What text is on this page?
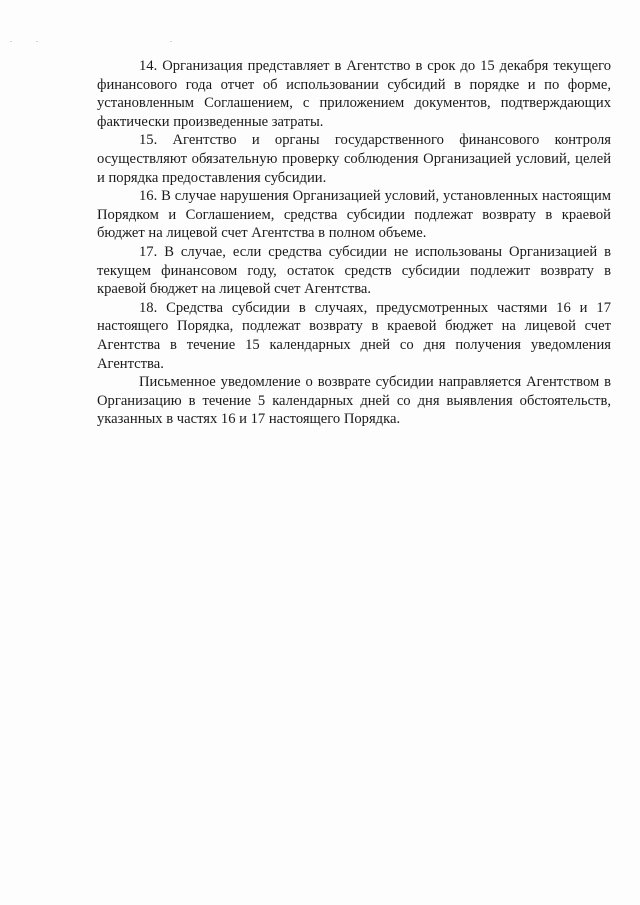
.	.	.

14. Организация представляет в Агентство в срок до 15 декабря текущего финансового года отчет об использовании субсидий в порядке и по форме, установленным Соглашением, с приложением документов, подтверждающих фактически произведенные затраты.

15. Агентство и органы государственного финансового контроля осуществляют обязательную проверку соблюдения Организацией условий, целей и порядка предоставления субсидии.

16. В случае нарушения Организацией условий, установленных настоящим Порядком и Соглашением, средства субсидии подлежат возврату в краевой бюджет на лицевой счет Агентства в полном объеме.

17. В случае, если средства субсидии не использованы Организацией в текущем финансовом году, остаток средств субсидии подлежит возврату в краевой бюджет на лицевой счет Агентства.

18. Средства субсидии в случаях, предусмотренных частями 16 и 17 настоящего Порядка, подлежат возврату в краевой бюджет на лицевой счет Агентства в течение 15 календарных дней со дня получения уведомления Агентства.

Письменное уведомление о возврате субсидии направляется Агентством в Организацию в течение 5 календарных дней со дня выявления обстоятельств, указанных в частях 16 и 17 настоящего Порядка.
